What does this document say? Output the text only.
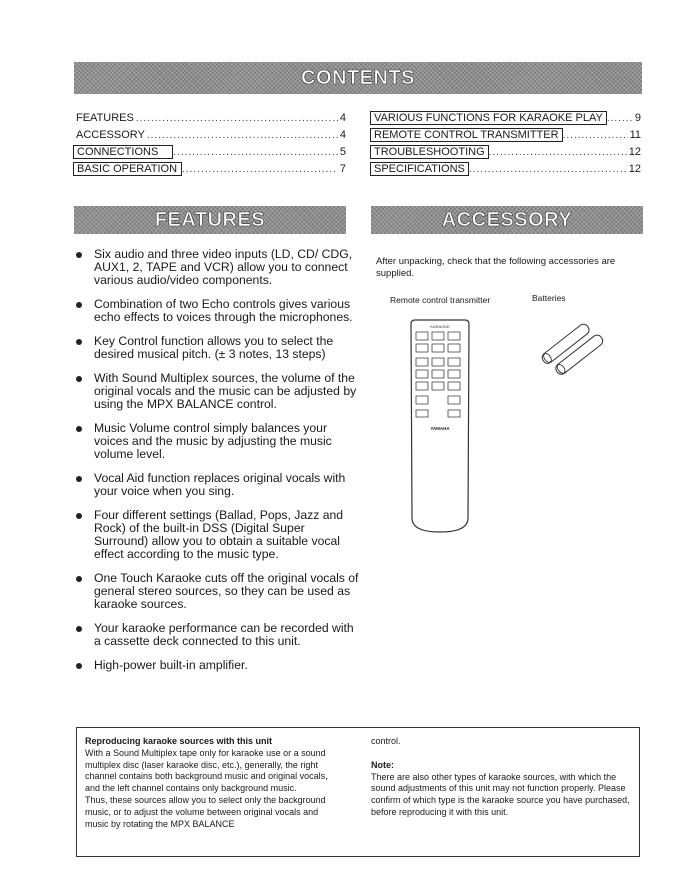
CONTENTS
FEATURES .....	4
ACCESSORY .....	4
CONNECTIONS .....	5
BASIC OPERATION .....	7
VARIOUS FUNCTIONS FOR KARAOKE PLAY .....	9
REMOTE CONTROL TRANSMITTER .....	11
TROUBLESHOOTING .....	12
SPECIFICATIONS .....	12
FEATURES	ACCESSORY
Six audio and three video inputs (LD, CD/ CDG, AUX1, 2, TAPE and VCR) allow you to connect various audio/video components.
Combination of two Echo controls gives various echo effects to voices through the microphones.
Key Control function allows you to select the desired musical pitch. (± 3 notes, 13 steps)
With Sound Multiplex sources, the volume of the original vocals and the music can be adjusted by using the MPX BALANCE control.
Music Volume control simply balances your voices and the music by adjusting the music volume level.
Vocal Aid function replaces original vocals with your voice when you sing.
Four different settings (Ballad, Pops, Jazz and Rock) of the built-in DSS (Digital Super Surround) allow you to obtain a suitable vocal effect according to the music type.
One Touch Karaoke cuts off the original vocals of general stereo sources, so they can be used as karaoke sources.
Your karaoke performance can be recorded with a cassette deck connected to this unit.
High-power built-in amplifier.
After unpacking, check that the following accessories are supplied.
Remote control transmitter	Batteries
KARAOKE
YAMAHA
Reproducing karaoke sources with this unit
With a Sound Multiplex tape only for karaoke use or a sound multiplex disc (laser karaoke disc, etc.), generally, the right channel contains both background music and original vocals, and the left channel contains only background music.
Thus, these sources allow you to select only the background music, or to adjust the volume between original vocals and music by rotating the MPX BALANCE
control.
Note:
There are also other types of karaoke sources, with which the sound adjustments of this unit may not function properly. Please confirm of which type is the karaoke source you have purchased, before reproducing it with this unit.
